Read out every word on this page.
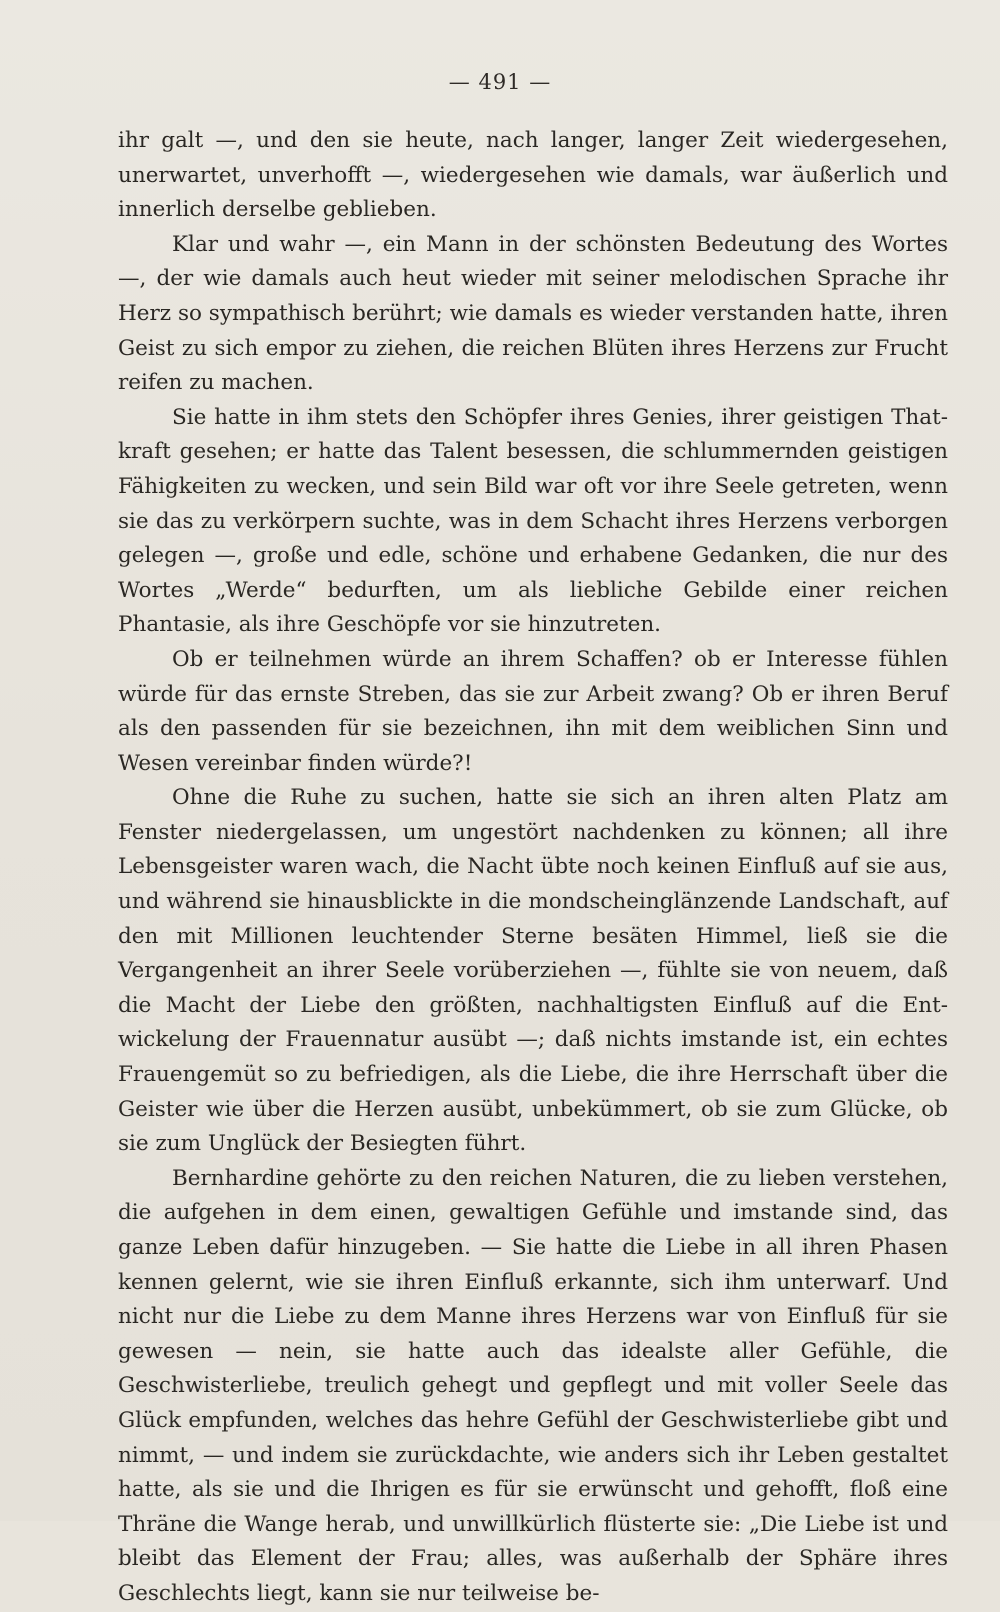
— 491 —

ihr galt —, und den sie heute, nach langer, langer Zeit wiedergesehen, unerwartet, unverhofft —, wiedergesehen wie damals, war äußerlich und innerlich derselbe geblieben.

Klar und wahr —, ein Mann in der schönsten Bedeutung des Wortes —, der wie damals auch heut wieder mit seiner melodischen Sprache ihr Herz so sympathisch berührt; wie damals es wieder verstanden hatte, ihren Geist zu sich empor zu ziehen, die reichen Blüten ihres Herzens zur Frucht reifen zu machen.

Sie hatte in ihm stets den Schöpfer ihres Genies, ihrer geistigen Thatkraft gesehen; er hatte das Talent besessen, die schlummernden geistigen Fähigkeiten zu wecken, und sein Bild war oft vor ihre Seele getreten, wenn sie das zu verkörpern suchte, was in dem Schacht ihres Herzens verborgen gelegen —, große und edle, schöne und erhabene Gedanken, die nur des Wortes „Werde“ bedurften, um als liebliche Gebilde einer reichen Phantasie, als ihre Geschöpfe vor sie hinzutreten.

Ob er teilnehmen würde an ihrem Schaffen? ob er Interesse fühlen würde für das ernste Streben, das sie zur Arbeit zwang? Ob er ihren Beruf als den passenden für sie bezeichnen, ihn mit dem weiblichen Sinn und Wesen vereinbar finden würde?!

Ohne die Ruhe zu suchen, hatte sie sich an ihren alten Platz am Fenster niedergelassen, um ungestört nachdenken zu können; all ihre Lebensgeister waren wach, die Nacht übte noch keinen Einfluß auf sie aus, und während sie hinausblickte in die mondscheinglänzende Landschaft, auf den mit Millionen leuchtender Sterne besäten Himmel, ließ sie die Vergangenheit an ihrer Seele vorüberziehen —, fühlte sie von neuem, daß die Macht der Liebe den größten, nachhaltigsten Einfluß auf die Entwickelung der Frauennatur ausübt —; daß nichts imstande ist, ein echtes Frauengemüt so zu befriedigen, als die Liebe, die ihre Herrschaft über die Geister wie über die Herzen ausübt, unbekümmert, ob sie zum Glücke, ob sie zum Unglück der Besiegten führt.

Bernhardine gehörte zu den reichen Naturen, die zu lieben verstehen, die aufgehen in dem einen, gewaltigen Gefühle und imstande sind, das ganze Leben dafür hinzugeben. — Sie hatte die Liebe in all ihren Phasen kennen gelernt, wie sie ihren Einfluß erkannte, sich ihm unterwarf. Und nicht nur die Liebe zu dem Manne ihres Herzens war von Einfluß für sie gewesen — nein, sie hatte auch das idealste aller Gefühle, die Geschwisterliebe, treulich gehegt und gepflegt und mit voller Seele das Glück empfunden, welches das hehre Gefühl der Geschwisterliebe gibt und nimmt, — und indem sie zurückdachte, wie anders sich ihr Leben gestaltet hatte, als sie und die Ihrigen es für sie erwünscht und gehofft, floß eine Thräne die Wange herab, und unwillkürlich flüsterte sie: „Die Liebe ist und bleibt das Element der Frau; alles, was außerhalb der Sphäre ihres Geschlechts liegt, kann sie nur teilweise be-
